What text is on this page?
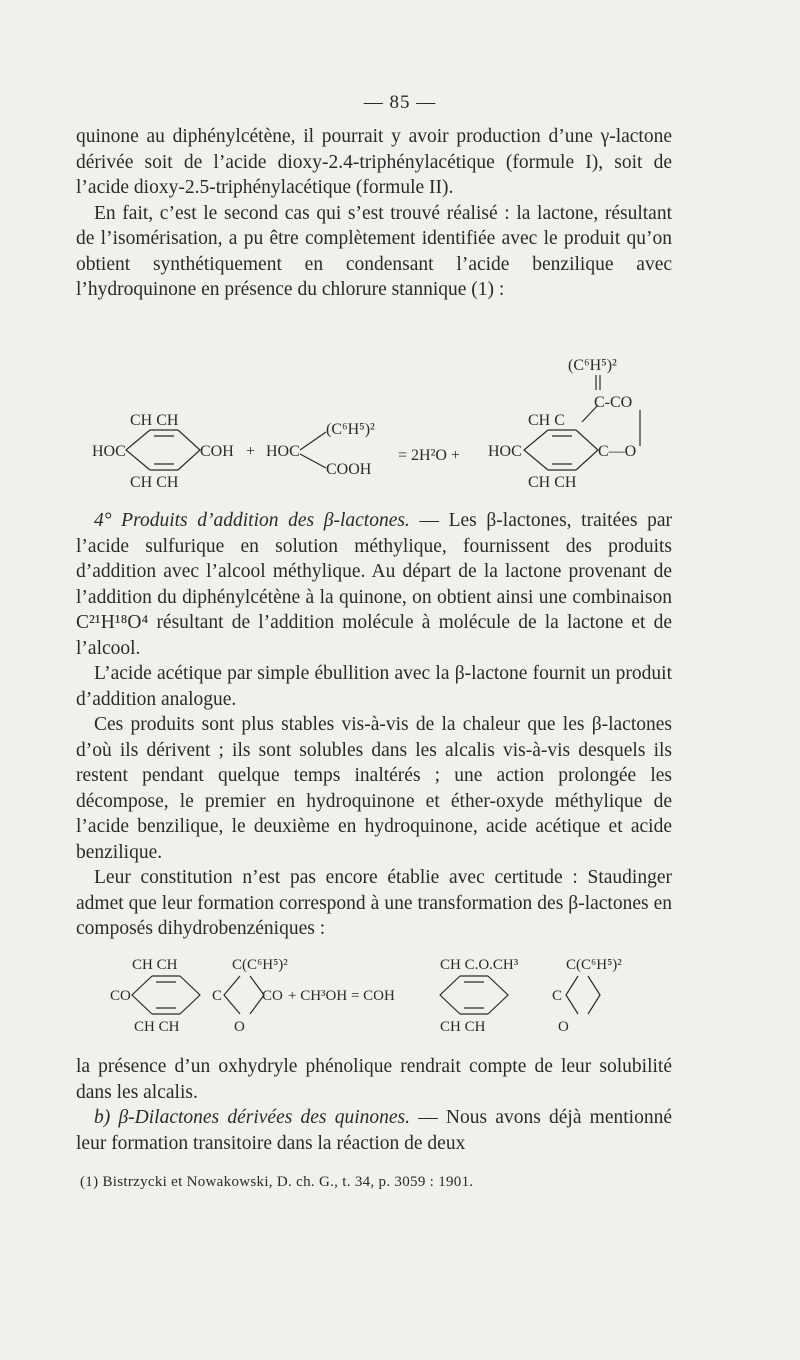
— 85 —

quinone au diphénylcétène, il pourrait y avoir production d’une γ-lactone dérivée soit de l’acide dioxy-2.4-triphénylacétique (formule I), soit de l’acide dioxy-2.5-triphénylacétique (formule II).

En fait, c’est le second cas qui s’est trouvé réalisé : la lactone, résultant de l’isomérisation, a pu être complètement identifiée avec le produit qu’on obtient synthétiquement en condensant l’acide benzilique avec l’hydroquinone en présence du chlorure stannique (1) :

CH CH
HOC	COH
CH CH
+ HOC
(C⁶H⁵)²
COOH
= 2H²O +
(C⁶H⁵)²
C-CO
CH C
HOC	C—O
CH CH

4° Produits d’addition des β-lactones. — Les β-lactones, traitées par l’acide sulfurique en solution méthylique, fournissent des produits d’addition avec l’alcool méthylique. Au départ de la lactone provenant de l’addition du diphénylcétène à la quinone, on obtient ainsi une combinaison C²¹H¹⁸O⁴ résultant de l’addition molécule à molécule de la lactone et de l’alcool.

L’acide acétique par simple ébullition avec la β-lactone fournit un produit d’addition analogue.

Ces produits sont plus stables vis-à-vis de la chaleur que les β-lactones d’où ils dérivent ; ils sont solubles dans les alcalis vis-à-vis desquels ils restent pendant quelque temps inaltérés ; une action prolongée les décompose, le premier en hydroquinone et éther-oxyde méthylique de l’acide benzilique, le deuxième en hydroquinone, acide acétique et acide benzilique.

Leur constitution n’est pas encore établie avec certitude : Staudinger admet que leur formation correspond à une transformation des β-lactones en composés dihydrobenzéniques :

CH CH	C(C⁶H⁵)²
CO	C	CO
CH CH	O
+ CH³OH = COH
CH C.O.CH³	C(C⁶H⁵)²
C
CH CH	O

la présence d’un oxhydryle phénolique rendrait compte de leur solubilité dans les alcalis.

b) β-Dilactones dérivées des quinones. — Nous avons déjà mentionné leur formation transitoire dans la réaction de deux

(1) Bistrzycki et Nowakowski, D. ch. G., t. 34, p. 3059 : 1901.
